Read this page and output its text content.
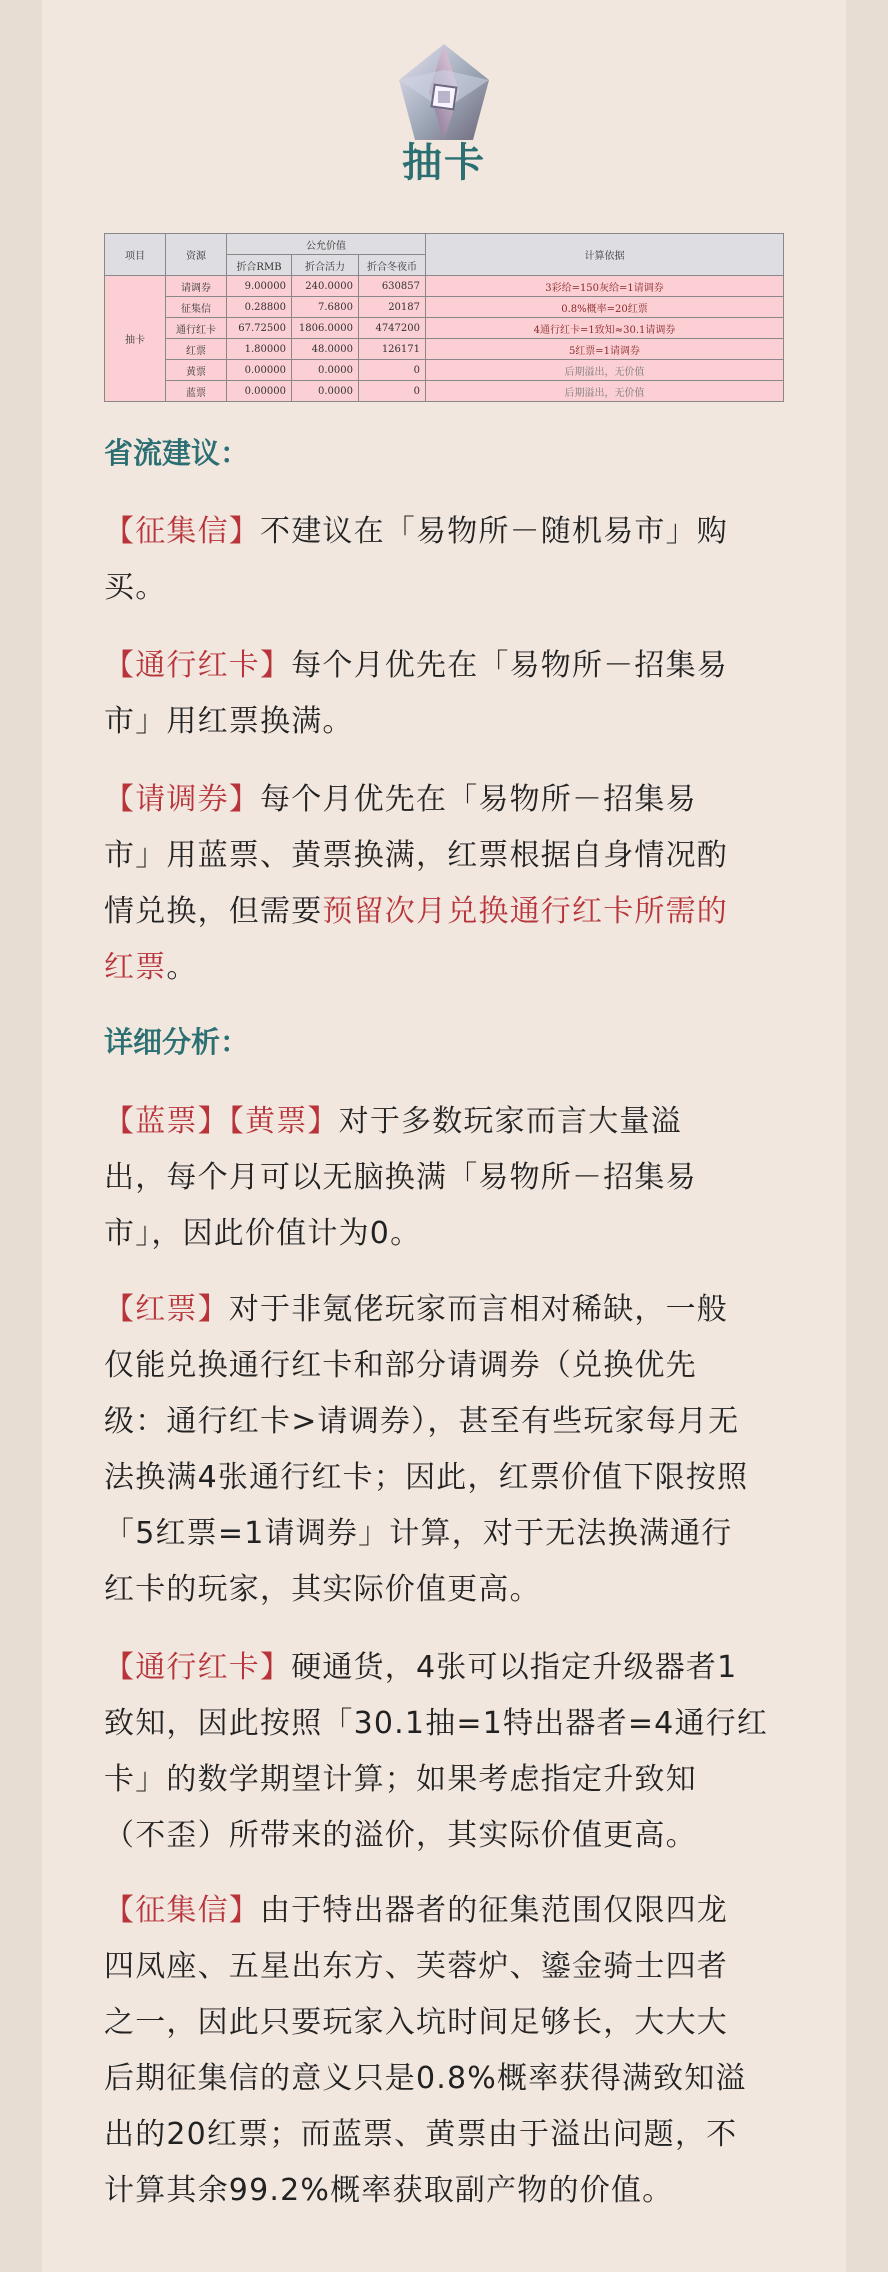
抽卡
项目	资源	公允价值			计算依据
		折合RMB	折合活力	折合冬夜币	
抽卡	请调券	9.00000	240.0000	630857	3彩给=150灰给=1请调券
	征集信	0.28800	7.6800	20187	0.8%概率=20红票
	通行红卡	67.72500	1806.0000	4747200	4通行红卡=1致知≈30.1请调券
	红票	1.80000	48.0000	126171	5红票=1请调券
	黄票	0.00000	0.0000	0	后期溢出，无价值
	蓝票	0.00000	0.0000	0	后期溢出，无价值
省流建议：
【征集信】不建议在「易物所－随机易市」购
买。
【通行红卡】每个月优先在「易物所－招集易
市」用红票换满。
【请调券】每个月优先在「易物所－招集易
市」用蓝票、黄票换满，红票根据自身情况酌
情兑换，但需要预留次月兑换通行红卡所需的
红票。
详细分析：
【蓝票】【黄票】对于多数玩家而言大量溢
出，每个月可以无脑换满「易物所－招集易
市」，因此价值计为0。
【红票】对于非氪佬玩家而言相对稀缺，一般
仅能兑换通行红卡和部分请调券（兑换优先
级：通行红卡>请调券），甚至有些玩家每月无
法换满4张通行红卡；因此，红票价值下限按照
「5红票=1请调券」计算，对于无法换满通行
红卡的玩家，其实际价值更高。
【通行红卡】硬通货，4张可以指定升级器者1
致知，因此按照「30.1抽=1特出器者=4通行红
卡」的数学期望计算；如果考虑指定升致知
（不歪）所带来的溢价，其实际价值更高。
【征集信】由于特出器者的征集范围仅限四龙
四凤座、五星出东方、芙蓉炉、鎏金骑士四者
之一，因此只要玩家入坑时间足够长，大大大
后期征集信的意义只是0.8%概率获得满致知溢
出的20红票；而蓝票、黄票由于溢出问题，不
计算其余99.2%概率获取副产物的价值。
